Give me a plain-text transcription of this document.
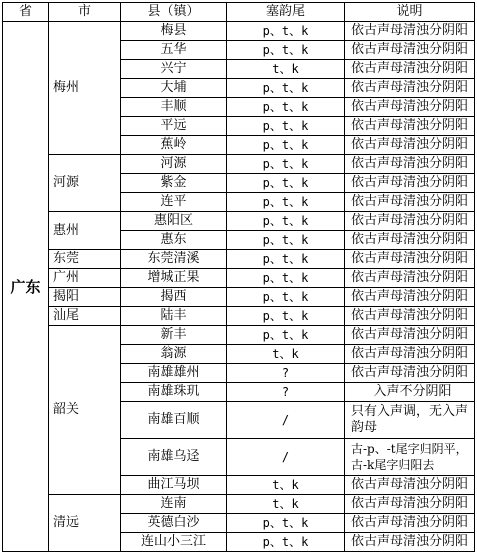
省	市	县（镇）	塞韵尾	说明
广东	梅州	梅县	p、t、k	依古声母清浊分阴阳
		五华	p、t、k	依古声母清浊分阴阳
		兴宁	t、k	依古声母清浊分阴阳
		大埔	p、t、k	依古声母清浊分阴阳
		丰顺	p、t、k	依古声母清浊分阴阳
		平远	p、t、k	依古声母清浊分阴阳
		蕉岭	p、t、k	依古声母清浊分阴阳
	河源	河源	p、t、k	依古声母清浊分阴阳
		紫金	p、t、k	依古声母清浊分阴阳
		连平	p、t、k	依古声母清浊分阴阳
	惠州	惠阳区	p、t、k	依古声母清浊分阴阳
		惠东	p、t、k	依古声母清浊分阴阳
	东莞	东莞清溪	p、t、k	依古声母清浊分阴阳
	广州	增城正果	p、t、k	依古声母清浊分阴阳
	揭阳	揭西	p、t、k	依古声母清浊分阴阳
	汕尾	陆丰	p、t、k	依古声母清浊分阴阳
	韶关	新丰	p、t、k	依古声母清浊分阴阳
		翁源	t、k	依古声母清浊分阴阳
		南雄雄州	?	依古声母清浊分阴阳
		南雄珠玑	?	入声不分阴阳
		南雄百顺	/	只有入声调，无入声韵母
		南雄乌迳	/	古-p、-t尾字归阴平，古-k尾字归阳去
		曲江马坝	t、k	依古声母清浊分阴阳
	清远	连南	t、k	依古声母清浊分阴阳
		英德白沙	p、t、k	依古声母清浊分阴阳
		连山小三江	p、t、k	依古声母清浊分阴阳
